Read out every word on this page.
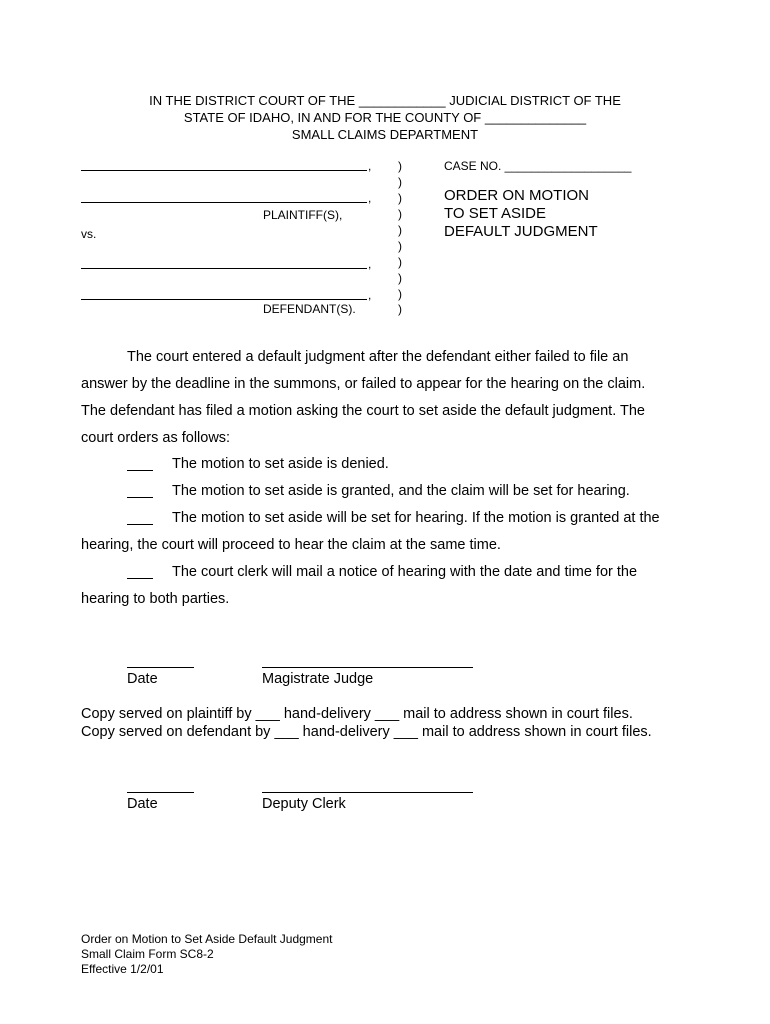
IN THE DISTRICT COURT OF THE ____________ JUDICIAL DISTRICT OF THE
STATE OF IDAHO, IN AND FOR THE COUNTY OF ______________
SMALL CLAIMS DEPARTMENT
,
,
PLAINTIFF(S),
vs.
,
,
DEFENDANT(S).
)
)
)
)
)
)
)
)
)
)
CASE NO. ___________________
ORDER ON MOTION
TO SET ASIDE
DEFAULT JUDGMENT
The court entered a default judgment after the defendant either failed to file an
answer by the deadline in the summons, or failed to appear for the hearing on the claim.
The defendant has filed a motion asking the court to set aside the default judgment. The
court orders as follows:
The motion to set aside is denied.
The motion to set aside is granted, and the claim will be set for hearing.
The motion to set aside will be set for hearing. If the motion is granted at the
hearing, the court will proceed to hear the claim at the same time.
The court clerk will mail a notice of hearing with the date and time for the
hearing to both parties.
Date	Magistrate Judge
Copy served on plaintiff by ___ hand-delivery ___ mail to address shown in court files.
Copy served on defendant by ___ hand-delivery ___ mail to address shown in court files.
Date	Deputy Clerk
Order on Motion to Set Aside Default Judgment
Small Claim Form SC8-2
Effective 1/2/01
